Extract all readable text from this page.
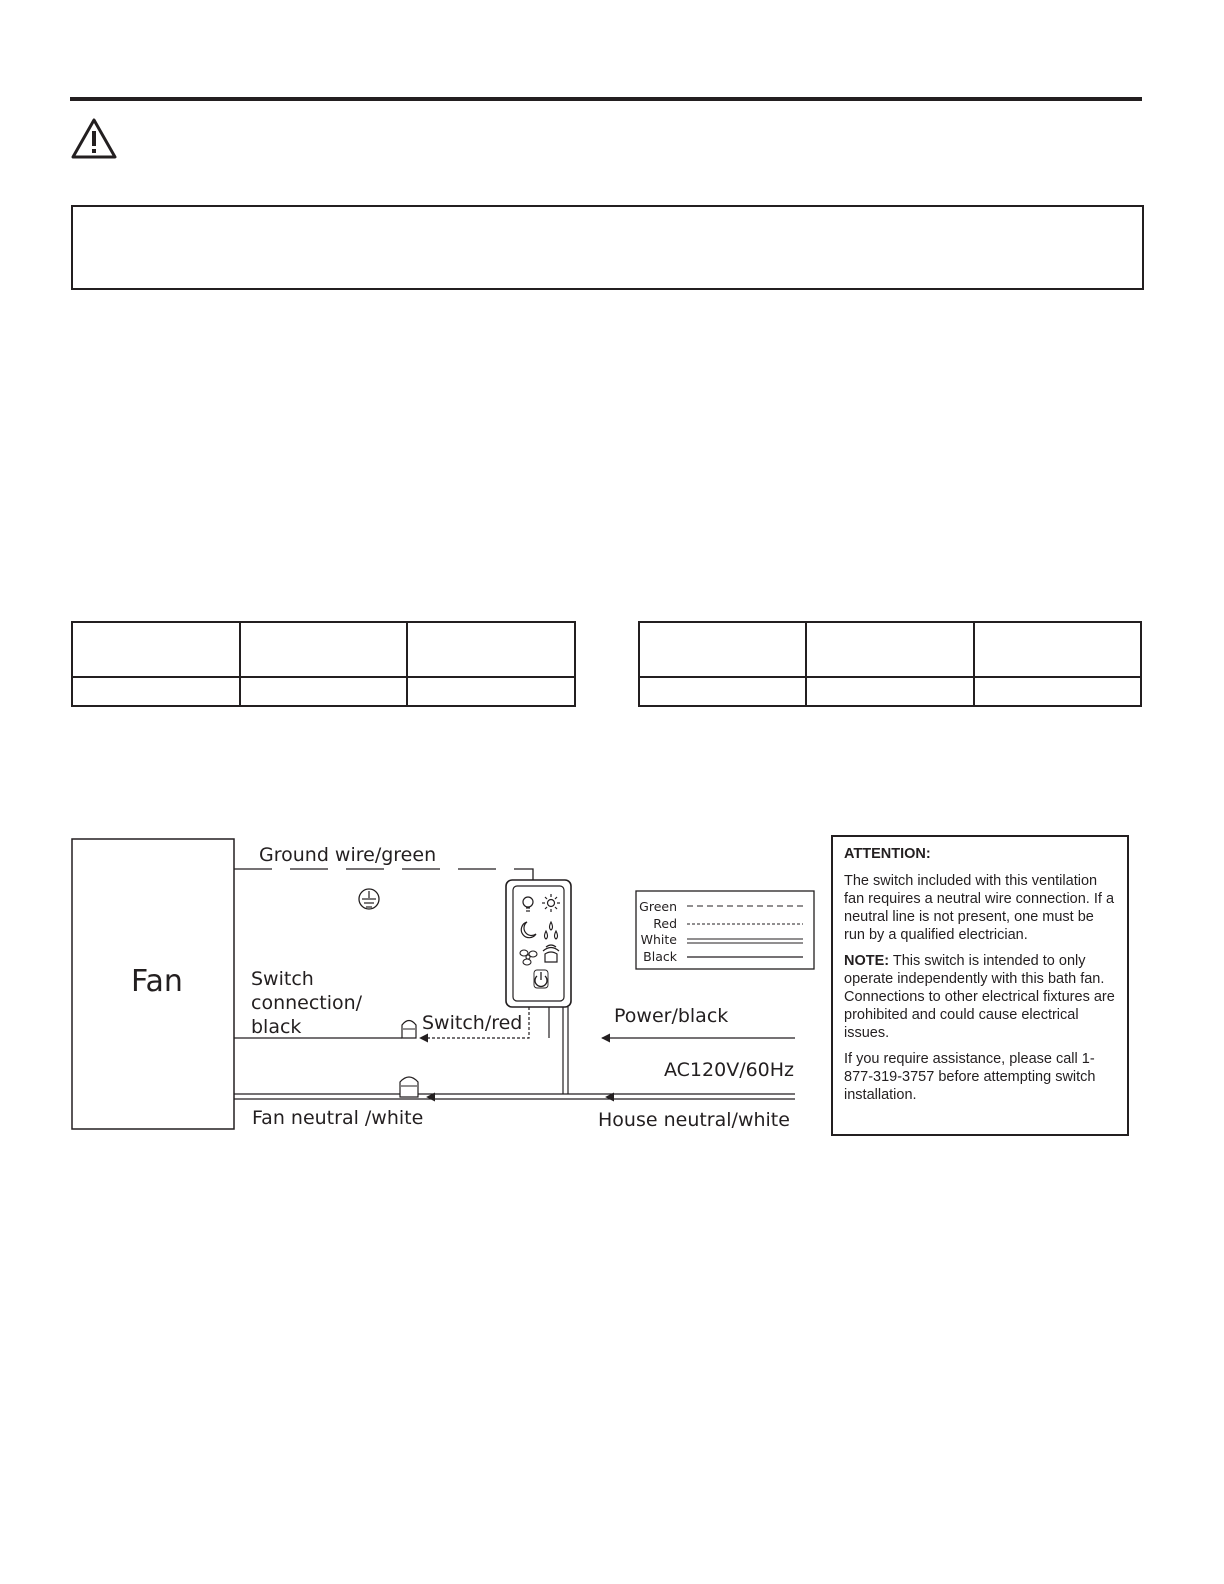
Fan
Ground wire/green
Green
Red
White
Black
Switch
connection/
black	Switch/red	Power/black
AC120V/60Hz
Fan neutral /white	House neutral/white

ATTENTION:

The switch included with this ventilation fan requires a neutral wire connection. If a neutral line is not present, one must be run by a qualified electrician.

NOTE: This switch is intended to only operate independently with this bath fan. Connections to other electrical fixtures are prohibited and could cause electrical issues.

If you require assistance, please call 1-877-319-3757 before attempting switch installation.
